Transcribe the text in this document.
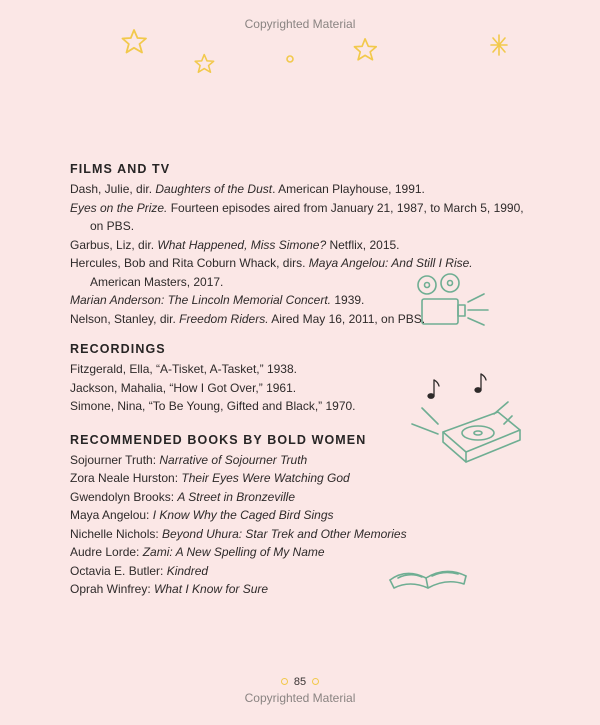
Copyrighted Material
FILMS AND TV
Dash, Julie, dir. Daughters of the Dust. American Playhouse, 1991.
Eyes on the Prize. Fourteen episodes aired from January 21, 1987, to March 5, 1990, on PBS.
Garbus, Liz, dir. What Happened, Miss Simone? Netflix, 2015.
Hercules, Bob and Rita Coburn Whack, dirs. Maya Angelou: And Still I Rise. American Masters, 2017.
Marian Anderson: The Lincoln Memorial Concert. 1939.
Nelson, Stanley, dir. Freedom Riders. Aired May 16, 2011, on PBS.
RECORDINGS
Fitzgerald, Ella, “A-Tisket, A-Tasket,” 1938.
Jackson, Mahalia, “How I Got Over,” 1961.
Simone, Nina, “To Be Young, Gifted and Black,” 1970.
RECOMMENDED BOOKS BY BOLD WOMEN
Sojourner Truth: Narrative of Sojourner Truth
Zora Neale Hurston: Their Eyes Were Watching God
Gwendolyn Brooks: A Street in Bronzeville
Maya Angelou: I Know Why the Caged Bird Sings
Nichelle Nichols: Beyond Uhura: Star Trek and Other Memories
Audre Lorde: Zami: A New Spelling of My Name
Octavia E. Butler: Kindred
Oprah Winfrey: What I Know for Sure
85
Copyrighted Material
